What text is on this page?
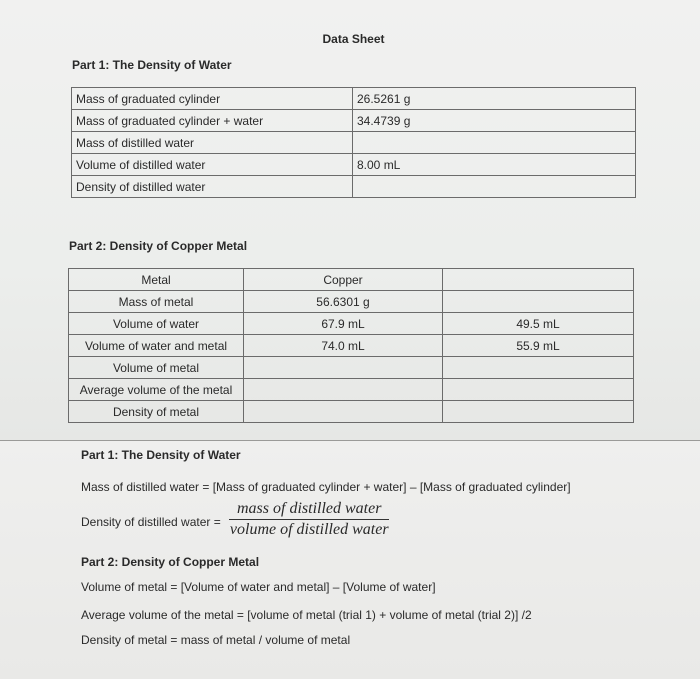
Data Sheet
Part 1: The Density of Water
Mass of graduated cylinder	26.5261 g
Mass of graduated cylinder + water	34.4739 g
Mass of distilled water	
Volume of distilled water	8.00 mL
Density of distilled water	
Part 2: Density of Copper Metal
Metal	Copper	
Mass of metal	56.6301 g	
Volume of water	67.9 mL	49.5 mL
Volume of water and metal	74.0 mL	55.9 mL
Volume of metal		
Average volume of the metal		
Density of metal		
Part 1: The Density of Water
Mass of distilled water = [Mass of graduated cylinder + water] – [Mass of graduated cylinder]
Density of distilled water =
mass of distilled water
volume of distilled water
Part 2: Density of Copper Metal
Volume of metal = [Volume of water and metal] – [Volume of water]
Average volume of the metal = [volume of metal (trial 1) + volume of metal (trial 2)] /2
Density of metal = mass of metal / volume of metal
